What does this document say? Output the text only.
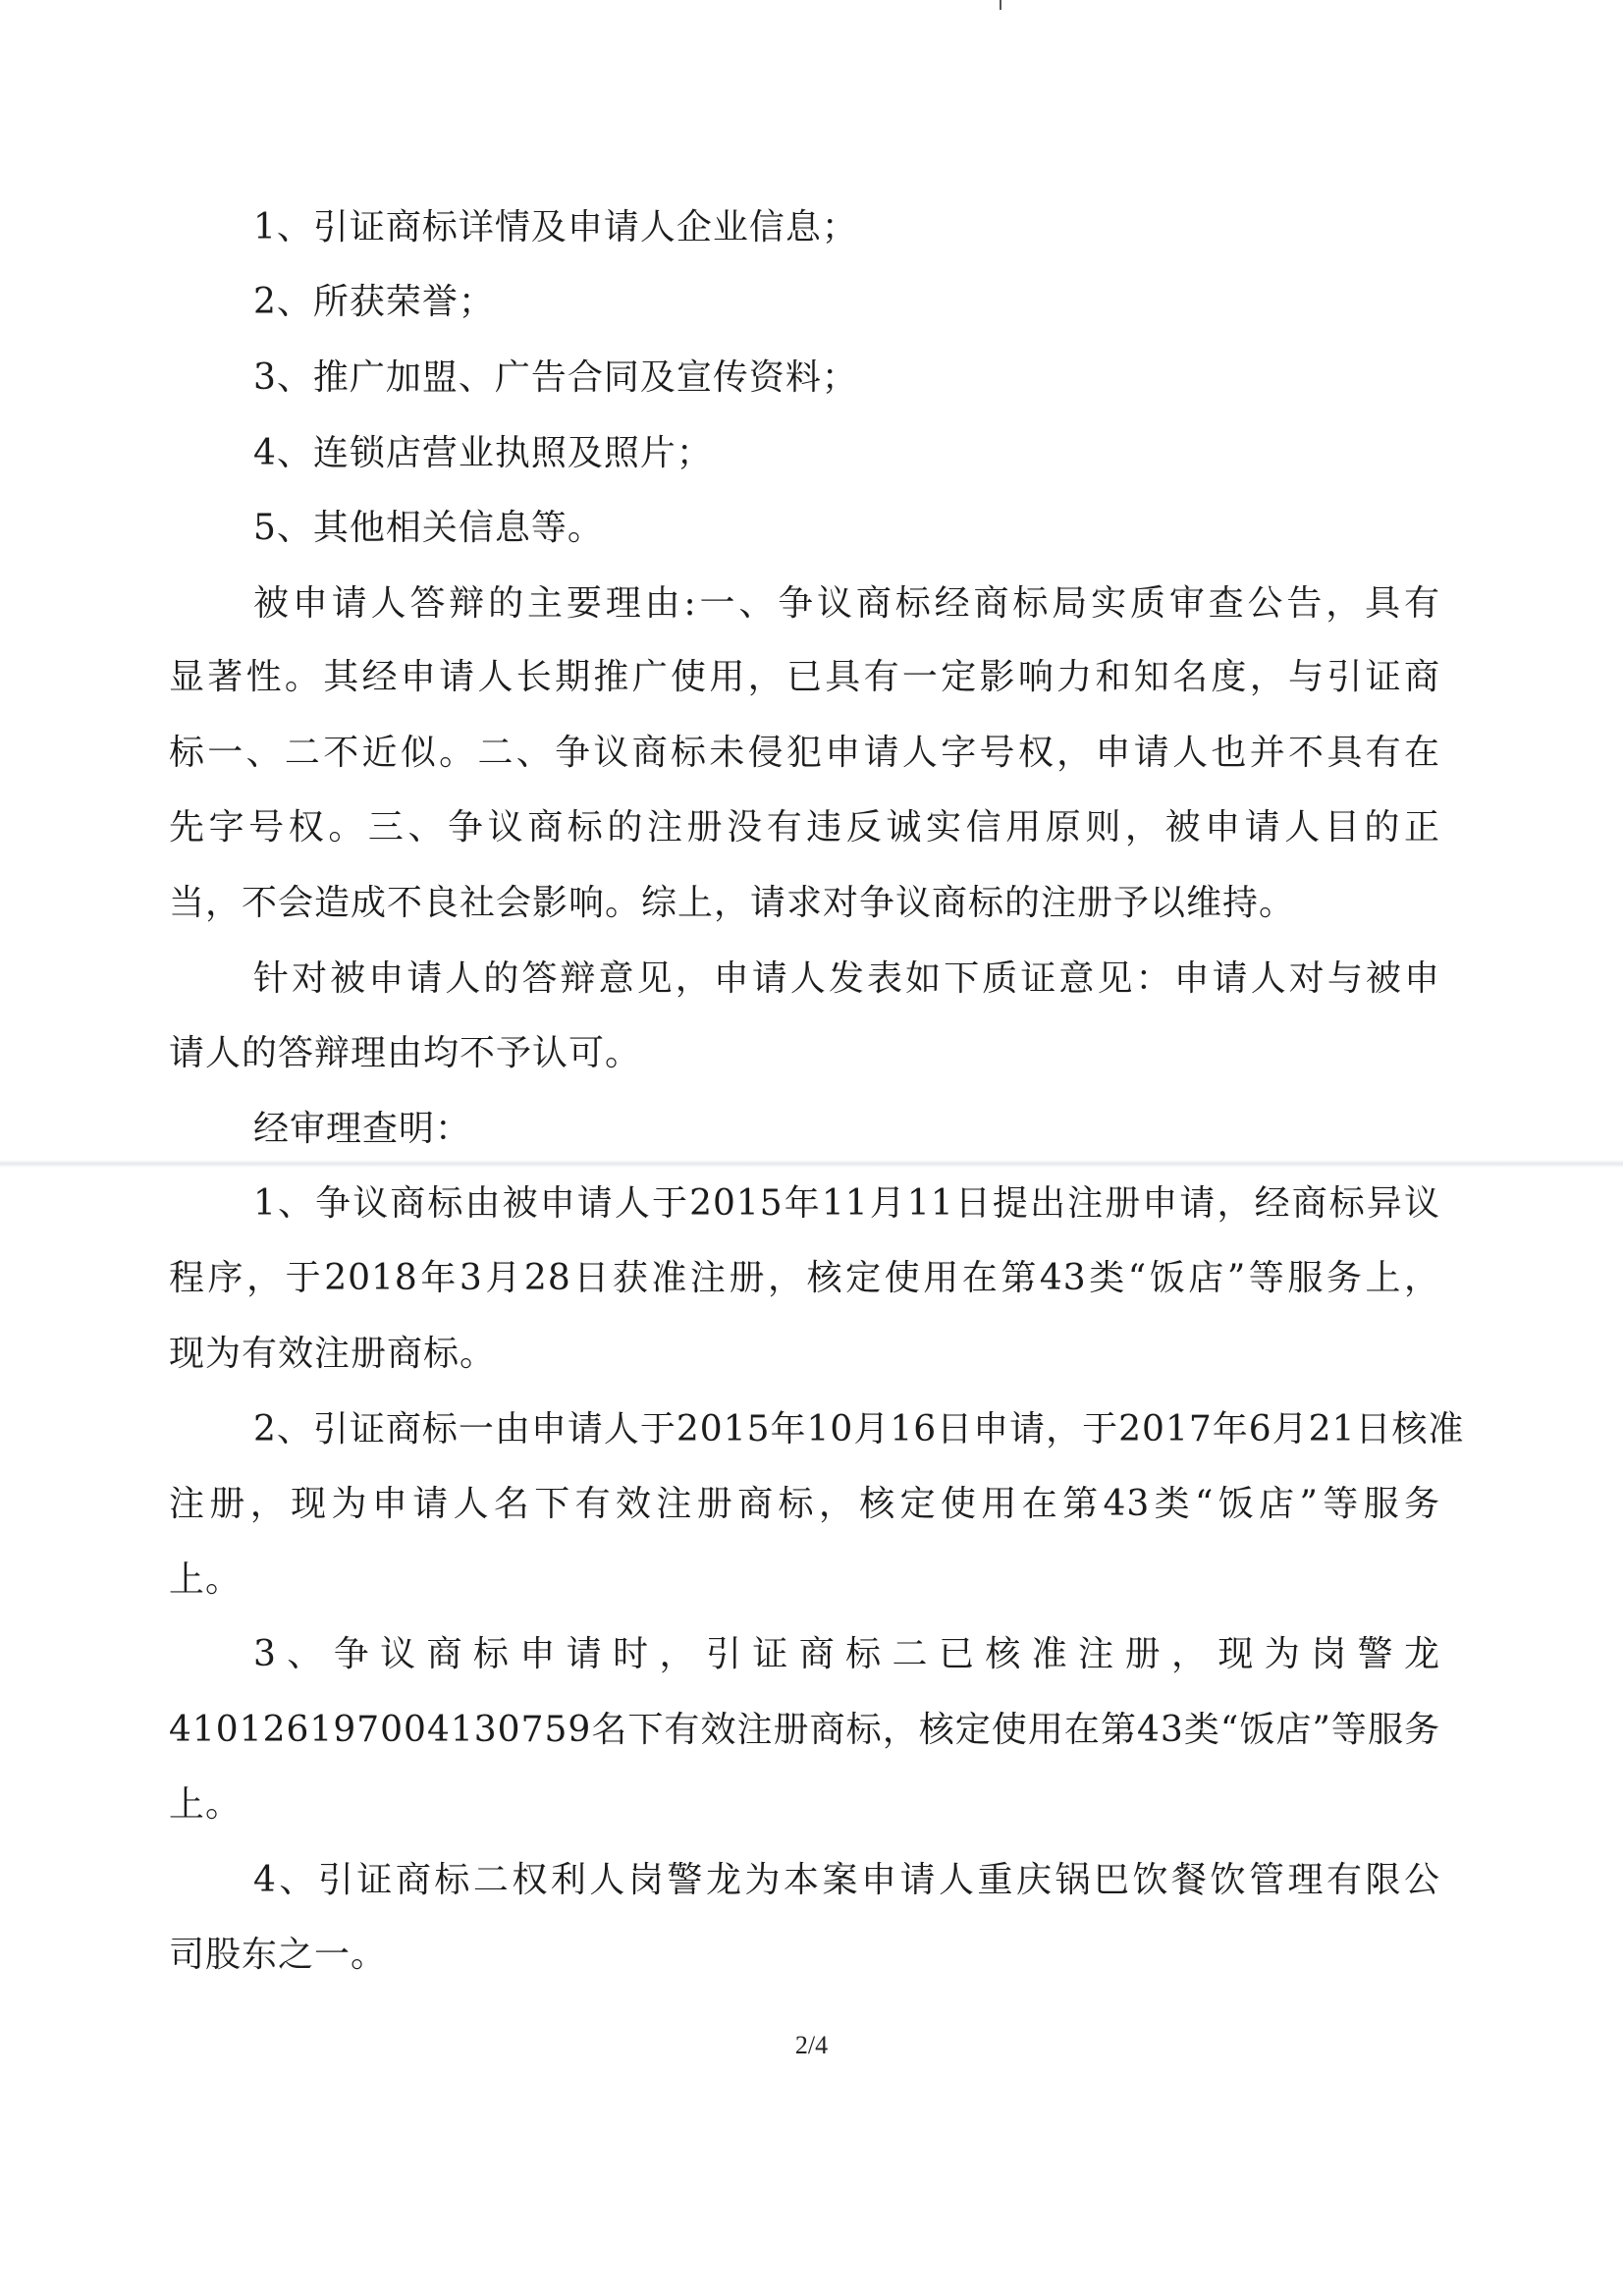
1、引证商标详情及申请人企业信息；
2、所获荣誉；
3、推广加盟、广告合同及宣传资料；
4、连锁店营业执照及照片；
5、其他相关信息等。
被申请人答辩的主要理由:一、争议商标经商标局实质审查公告，具有
显著性。其经申请人长期推广使用，已具有一定影响力和知名度，与引证商
标一、二不近似。二、争议商标未侵犯申请人字号权，申请人也并不具有在
先字号权。三、争议商标的注册没有违反诚实信用原则，被申请人目的正
当，不会造成不良社会影响。综上，请求对争议商标的注册予以维持。
针对被申请人的答辩意见，申请人发表如下质证意见：申请人对与被申
请人的答辩理由均不予认可。
经审理查明：
1、争议商标由被申请人于2015年11月11日提出注册申请，经商标异议
程序，于2018年3月28日获准注册，核定使用在第43类“饭店”等服务上，
现为有效注册商标。
2、引证商标一由申请人于2015年10月16日申请，于2017年6月21日核准
注册，现为申请人名下有效注册商标，核定使用在第43类“饭店”等服务
上。
3、争议商标申请时，引证商标二已核准注册，现为岗警龙
410126197004130759名下有效注册商标，核定使用在第43类“饭店”等服务
上。
4、引证商标二权利人岗警龙为本案申请人重庆锅巴饮餐饮管理有限公
司股东之一。
2/4
